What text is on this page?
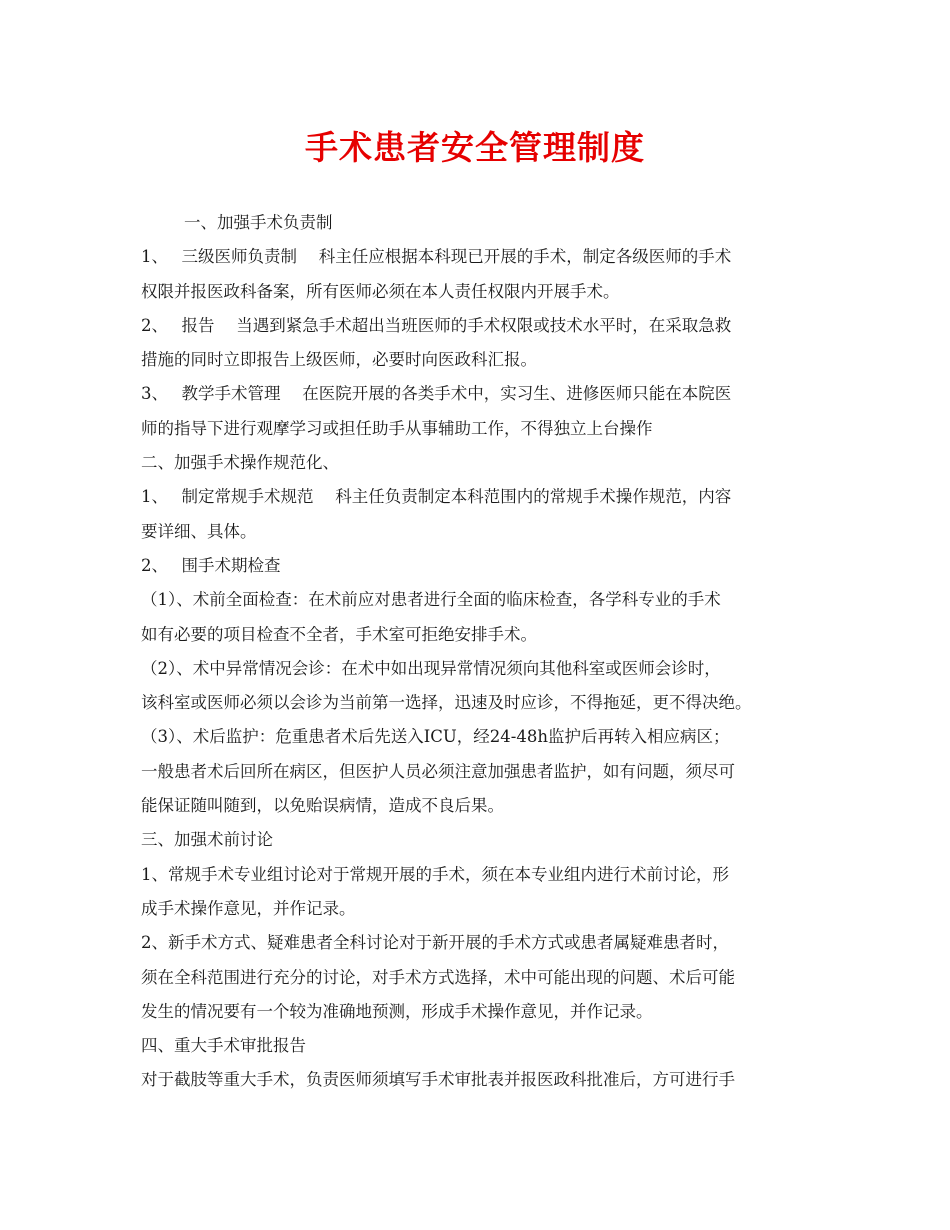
手术患者安全管理制度
一、加强手术负责制
1、　 三级医师负责制　 科主任应根据本科现已开展的手术，制定各级医师的手术
权限并报医政科备案，所有医师必须在本人责任权限内开展手术。
2、　 报告　 当遇到紧急手术超出当班医师的手术权限或技术水平时，在采取急救
措施的同时立即报告上级医师，必要时向医政科汇报。
3、　 教学手术管理　 在医院开展的各类手术中，实习生、进修医师只能在本院医
师的指导下进行观摩学习或担任助手从事辅助工作，不得独立上台操作
二、加强手术操作规范化、
1、　 制定常规手术规范　 科主任负责制定本科范围内的常规手术操作规范，内容
要详细、具体。
2、　 围手术期检查
（1）、术前全面检查：在术前应对患者进行全面的临床检查，各学科专业的手术
如有必要的项目检查不全者，手术室可拒绝安排手术。
（2）、术中异常情况会诊：在术中如出现异常情况须向其他科室或医师会诊时，
该科室或医师必须以会诊为当前第一选择，迅速及时应诊，不得拖延，更不得决绝。
（3）、术后监护：危重患者术后先送入ICU，经24-48h监护后再转入相应病区；
一般患者术后回所在病区，但医护人员必须注意加强患者监护，如有问题，须尽可
能保证随叫随到，以免贻误病情，造成不良后果。
三、加强术前讨论
1、常规手术专业组讨论对于常规开展的手术，须在本专业组内进行术前讨论，形
成手术操作意见，并作记录。
2、新手术方式、疑难患者全科讨论对于新开展的手术方式或患者属疑难患者时，
须在全科范围进行充分的讨论，对手术方式选择，术中可能出现的问题、术后可能
发生的情况要有一个较为准确地预测，形成手术操作意见，并作记录。
四、重大手术审批报告
对于截肢等重大手术，负责医师须填写手术审批表并报医政科批准后，方可进行手
